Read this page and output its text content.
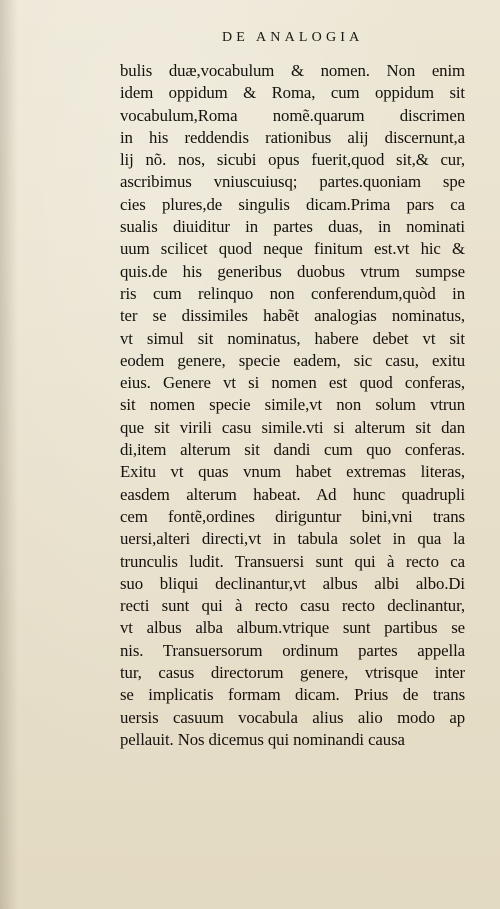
DE ANALOGIA
bulis duæ,vocabulum & nomen. Non enim
idem oppidum & Roma, cum oppidum sit
vocabulum,Roma nomẽ.quarum discrimen
in his reddendis rationibus alij discernunt,a
lij nõ. nos, sicubi opus fuerit,quod sit,& cur,
ascribimus vniuscuiusq; partes.quoniam spe
cies plures,de singulis dicam.Prima pars ca
sualis diuiditur in partes duas, in nominati
uum scilicet quod neque finitum est.vt hic &
quis.de his generibus duobus vtrum sumpse
ris cum relinquo non conferendum,quòd in
ter se dissimiles habẽt analogias nominatus,
vt simul sit nominatus, habere debet vt sit
eodem genere, specie eadem, sic casu, exitu
eius. Genere vt si nomen est quod conferas,
sit nomen specie simile,vt non solum vtrun
que sit virili casu simile.vti si alterum sit dan
di,item alterum sit dandi cum quo conferas.
Exitu vt quas vnum habet extremas literas,
easdem alterum habeat. Ad hunc quadrupli
cem fontẽ,ordines diriguntur bini,vni trans
uersi,alteri directi,vt in tabula solet in qua la
trunculis ludit. Transuersi sunt qui à recto ca
suo bliqui declinantur,vt albus albi albo.Di
recti sunt qui à recto casu recto declinantur,
vt albus alba album.vtrique sunt partibus se
nis. Transuersorum ordinum partes appella
tur, casus directorum genere, vtrisque inter
se implicatis formam dicam. Prius de trans
uersis casuum vocabula alius alio modo ap
pellauit. Nos dicemus qui nominandi causa
